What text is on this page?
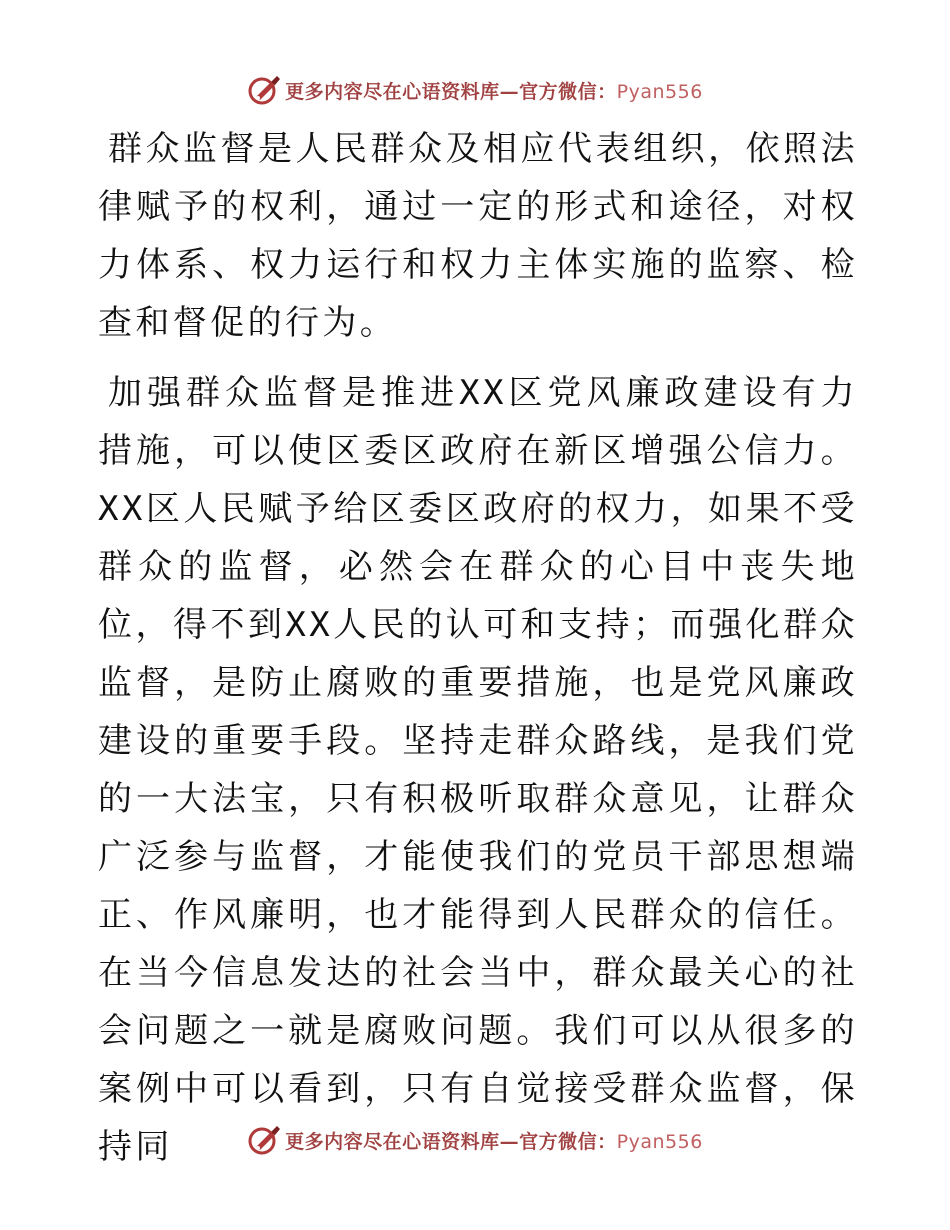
更多内容尽在心语资料库—官方微信：Pyan556

群众监督是人民群众及相应代表组织，依照法律赋予的权利，通过一定的形式和途径，对权力体系、权力运行和权力主体实施的监察、检查和督促的行为。

加强群众监督是推进XX区党风廉政建设有力措施，可以使区委区政府在新区增强公信力。XX区人民赋予给区委区政府的权力，如果不受群众的监督，必然会在群众的心目中丧失地位，得不到XX人民的认可和支持；而强化群众监督，是防止腐败的重要措施，也是党风廉政建设的重要手段。坚持走群众路线，是我们党的一大法宝，只有积极听取群众意见，让群众广泛参与监督，才能使我们的党员干部思想端正、作风廉明，也才能得到人民群众的信任。在当今信息发达的社会当中，群众最关心的社会问题之一就是腐败问题。我们可以从很多的案例中可以看到，只有自觉接受群众监督，保持同	更多内容尽在心语资料库—官方微信：Pyan556
